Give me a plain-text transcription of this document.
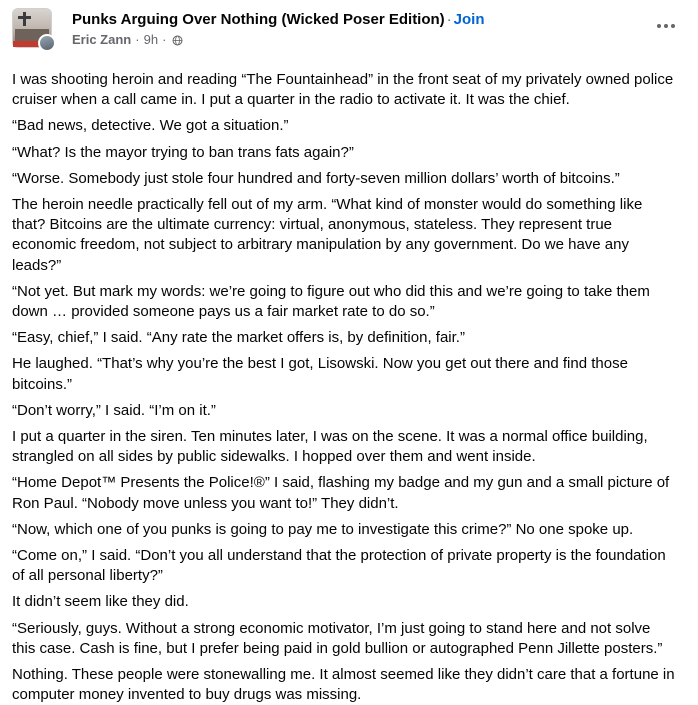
Punks Arguing Over Nothing (Wicked Poser Edition) · Join
Eric Zann · 9h ·

I was shooting heroin and reading “The Fountainhead” in the front seat of my privately owned police cruiser when a call came in. I put a quarter in the radio to activate it. It was the chief.

“Bad news, detective. We got a situation.”

“What? Is the mayor trying to ban trans fats again?”

“Worse. Somebody just stole four hundred and forty-seven million dollars’ worth of bitcoins.”

The heroin needle practically fell out of my arm. “What kind of monster would do something like that? Bitcoins are the ultimate currency: virtual, anonymous, stateless. They represent true economic freedom, not subject to arbitrary manipulation by any government. Do we have any leads?”

“Not yet. But mark my words: we’re going to figure out who did this and we’re going to take them down … provided someone pays us a fair market rate to do so.”

“Easy, chief,” I said. “Any rate the market offers is, by definition, fair.”

He laughed. “That’s why you’re the best I got, Lisowski. Now you get out there and find those bitcoins.”

“Don’t worry,” I said. “I’m on it.”

I put a quarter in the siren. Ten minutes later, I was on the scene. It was a normal office building, strangled on all sides by public sidewalks. I hopped over them and went inside.

“Home Depot™ Presents the Police!®” I said, flashing my badge and my gun and a small picture of Ron Paul. “Nobody move unless you want to!” They didn’t.

“Now, which one of you punks is going to pay me to investigate this crime?” No one spoke up.

“Come on,” I said. “Don’t you all understand that the protection of private property is the foundation of all personal liberty?”

It didn’t seem like they did.

“Seriously, guys. Without a strong economic motivator, I’m just going to stand here and not solve this case. Cash is fine, but I prefer being paid in gold bullion or autographed Penn Jillette posters.”

Nothing. These people were stonewalling me. It almost seemed like they didn’t care that a fortune in computer money invented to buy drugs was missing.
